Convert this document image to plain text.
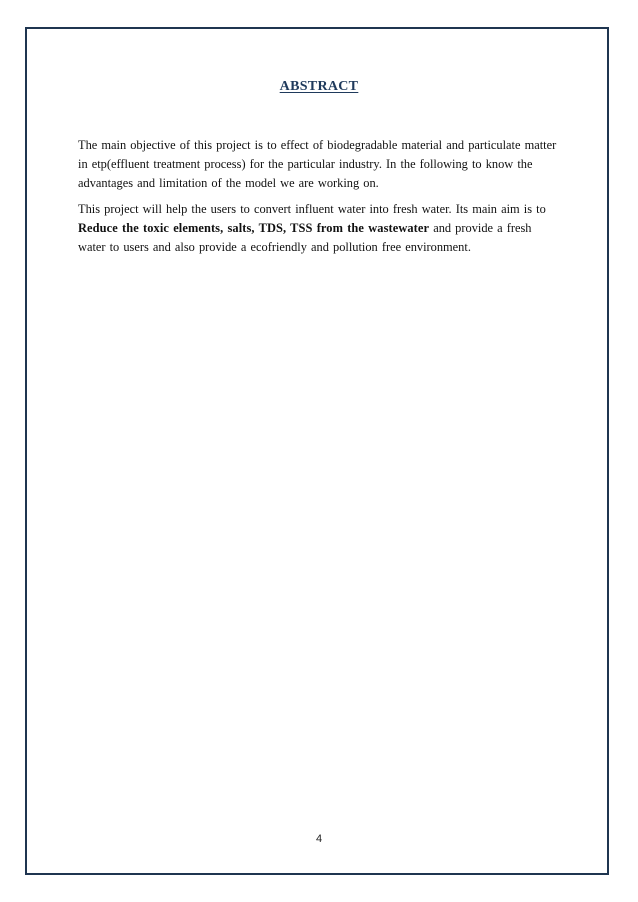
ABSTRACT

The main objective of this project is to effect of biodegradable material and particulate matter in etp(effluent treatment process) for the particular industry. In the following to know the advantages and limitation of the model we are working on.

This project will help the users to convert influent water into fresh water. Its main aim is to Reduce the toxic elements, salts, TDS, TSS from the wastewater and provide a fresh water to users and also provide a ecofriendly and pollution free environment.

4
